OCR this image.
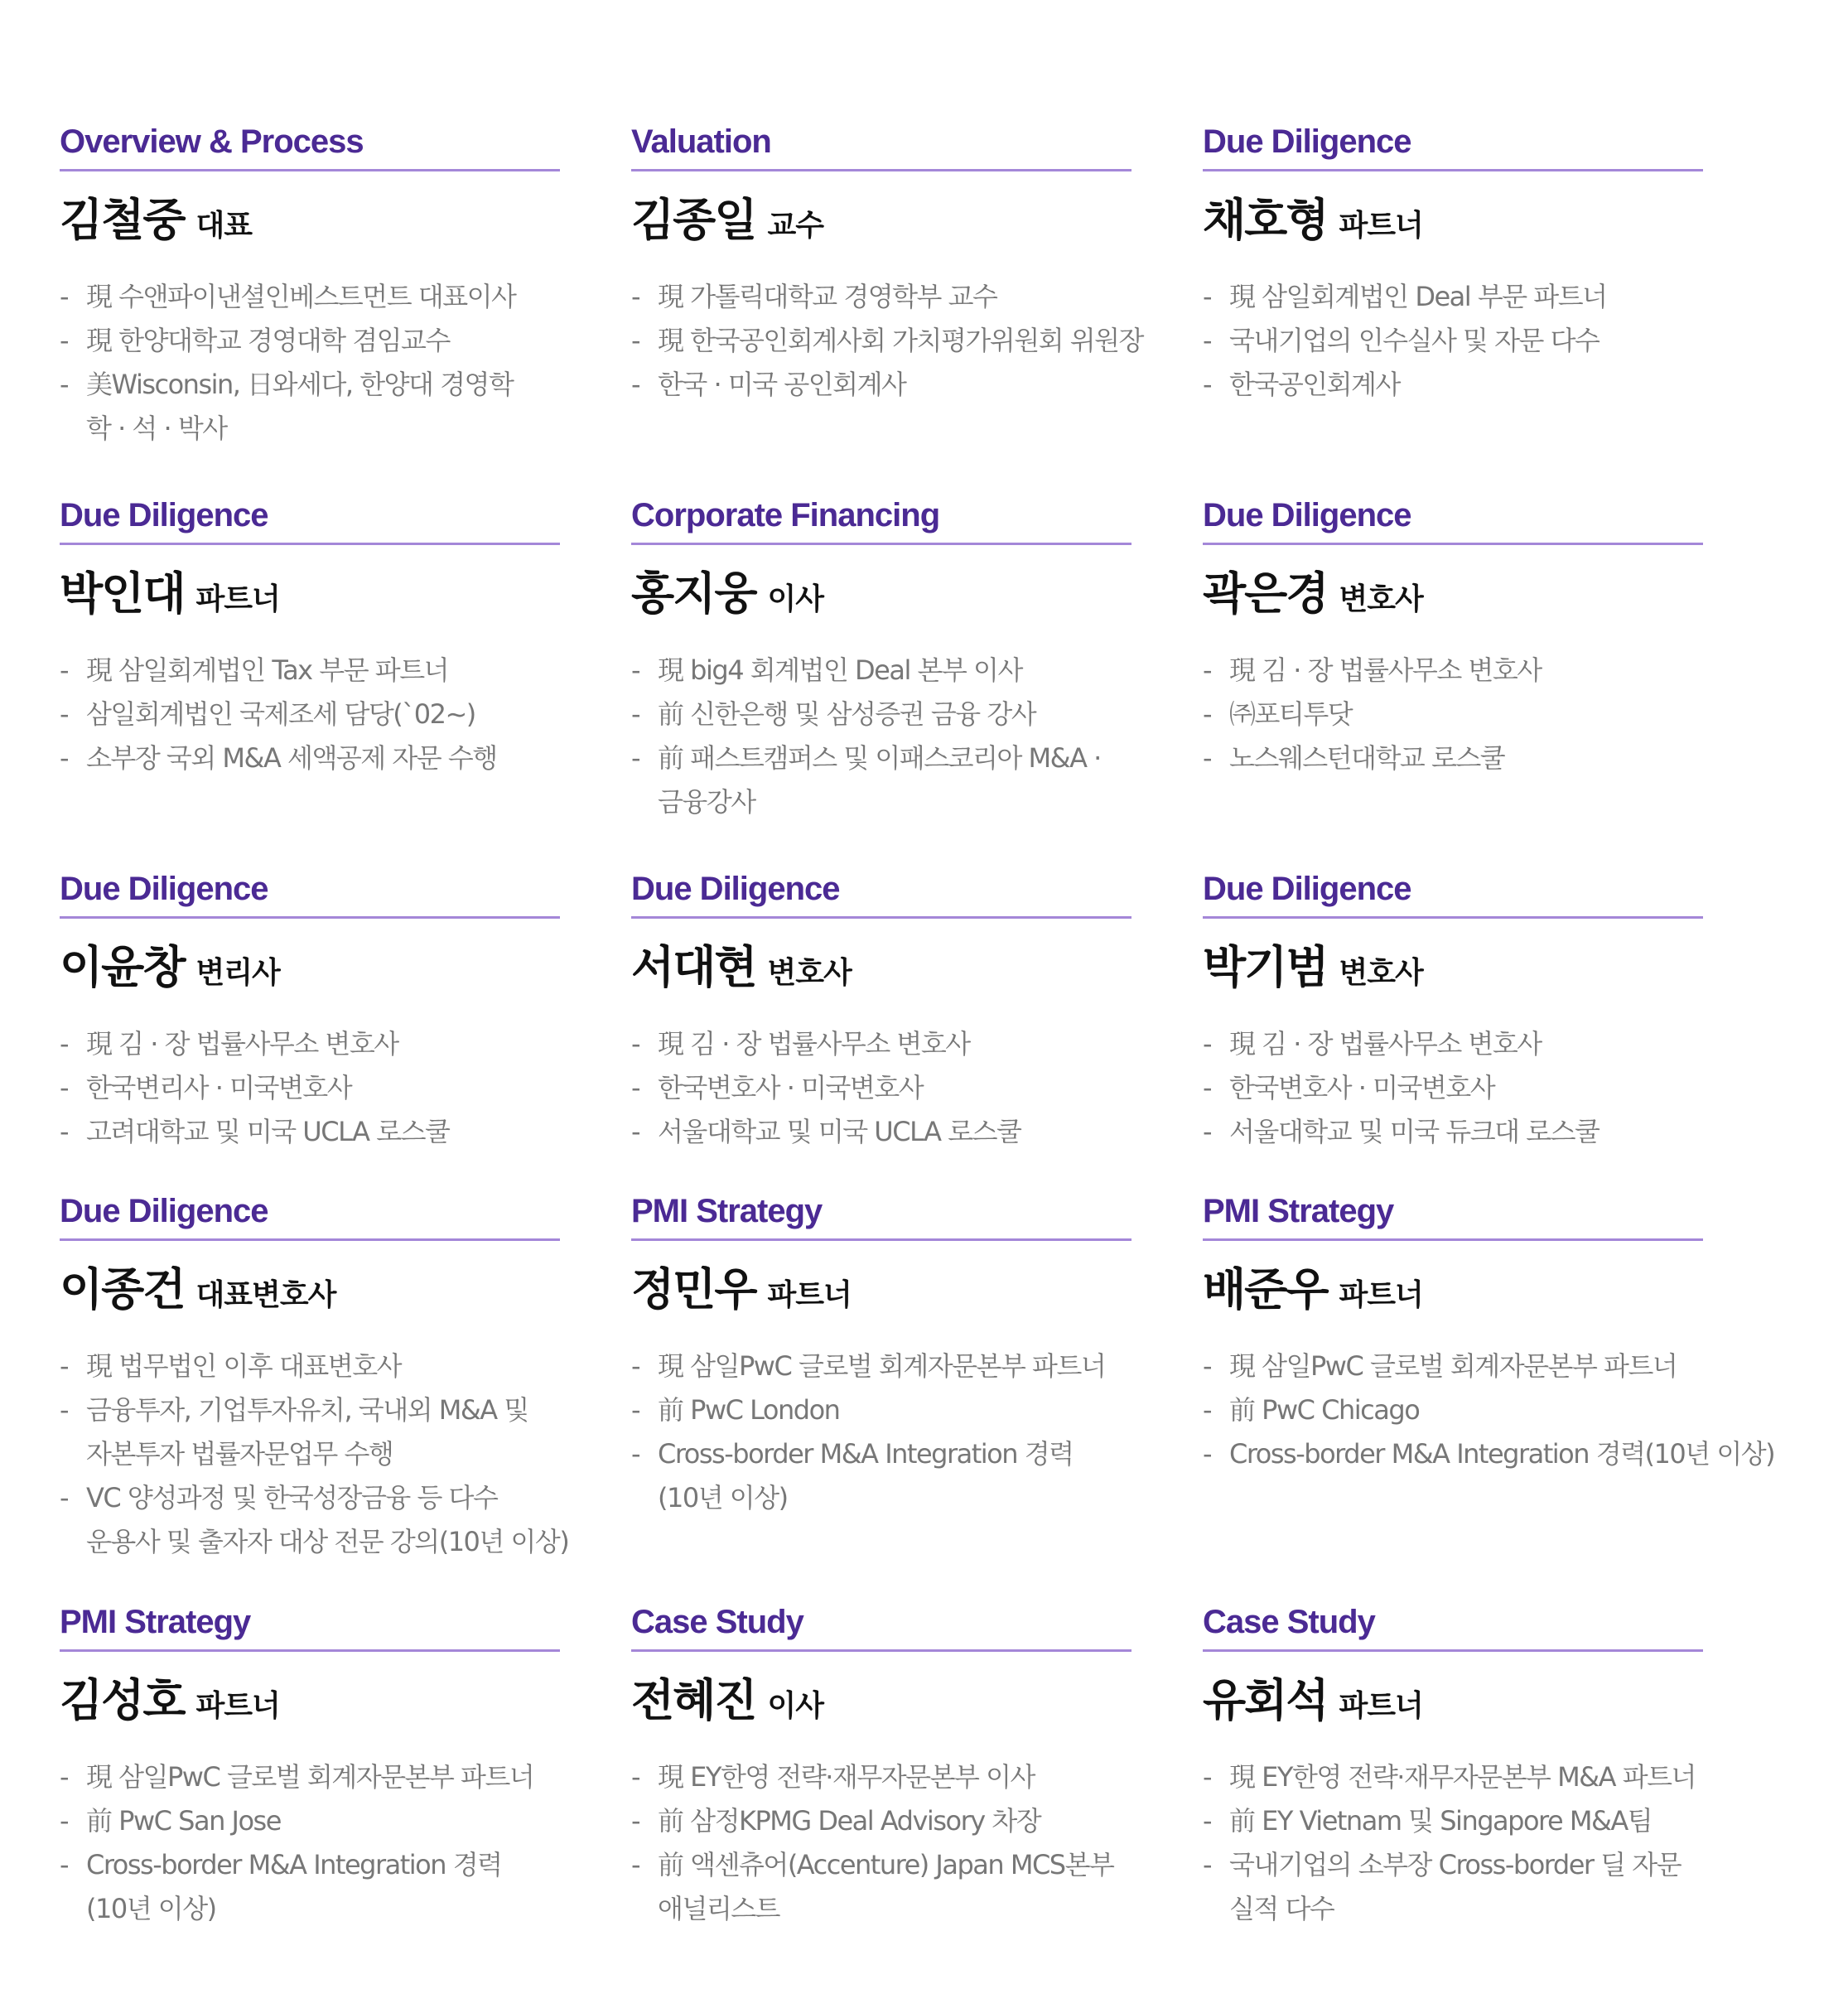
Overview & Process
김철중 대표
- 現 수앤파이낸셜인베스트먼트 대표이사
- 現 한양대학교 경영대학 겸임교수
- 美Wisconsin, 日와세다, 한양대 경영학
학 · 석 · 박사
Valuation
김종일 교수
- 現 가톨릭대학교 경영학부 교수
- 現 한국공인회계사회 가치평가위원회 위원장
- 한국 · 미국 공인회계사
Due Diligence
채호형 파트너
- 現 삼일회계법인 Deal 부문 파트너
- 국내기업의 인수실사 및 자문 다수
- 한국공인회계사
Due Diligence
박인대 파트너
- 現 삼일회계법인 Tax 부문 파트너
- 삼일회계법인 국제조세 담당(`02~)
- 소부장 국외 M&A 세액공제 자문 수행
Corporate Financing
홍지웅 이사
- 現 big4 회계법인 Deal 본부 이사
- 前 신한은행 및 삼성증권 금융 강사
- 前 패스트캠퍼스 및 이패스코리아 M&A ·
금융강사
Due Diligence
곽은경 변호사
- 現 김 · 장 법률사무소 변호사
- ㈜포티투닷
- 노스웨스턴대학교 로스쿨
Due Diligence
이윤창 변리사
- 現 김 · 장 법률사무소 변호사
- 한국변리사 · 미국변호사
- 고려대학교 및 미국 UCLA 로스쿨
Due Diligence
서대현 변호사
- 現 김 · 장 법률사무소 변호사
- 한국변호사 · 미국변호사
- 서울대학교 및 미국 UCLA 로스쿨
Due Diligence
박기범 변호사
- 現 김 · 장 법률사무소 변호사
- 한국변호사 · 미국변호사
- 서울대학교 및 미국 듀크대 로스쿨
Due Diligence
이종건 대표변호사
- 現 법무법인 이후 대표변호사
- 금융투자, 기업투자유치, 국내외 M&A 및
자본투자 법률자문업무 수행
- VC 양성과정 및 한국성장금융 등 다수
운용사 및 출자자 대상 전문 강의(10년 이상)
PMI Strategy
정민우 파트너
- 現 삼일PwC 글로벌 회계자문본부 파트너
- 前 PwC London
- Cross-border M&A Integration 경력
(10년 이상)
PMI Strategy
배준우 파트너
- 現 삼일PwC 글로벌 회계자문본부 파트너
- 前 PwC Chicago
- Cross-border M&A Integration 경력(10년 이상)
PMI Strategy
김성호 파트너
- 現 삼일PwC 글로벌 회계자문본부 파트너
- 前 PwC San Jose
- Cross-border M&A Integration 경력
(10년 이상)
Case Study
전혜진 이사
- 現 EY한영 전략·재무자문본부 이사
- 前 삼정KPMG Deal Advisory 차장
- 前 액센츄어(Accenture) Japan MCS본부
애널리스트
Case Study
유회석 파트너
- 現 EY한영 전략·재무자문본부 M&A 파트너
- 前 EY Vietnam 및 Singapore M&A팀
- 국내기업의 소부장 Cross-border 딜 자문
실적 다수
